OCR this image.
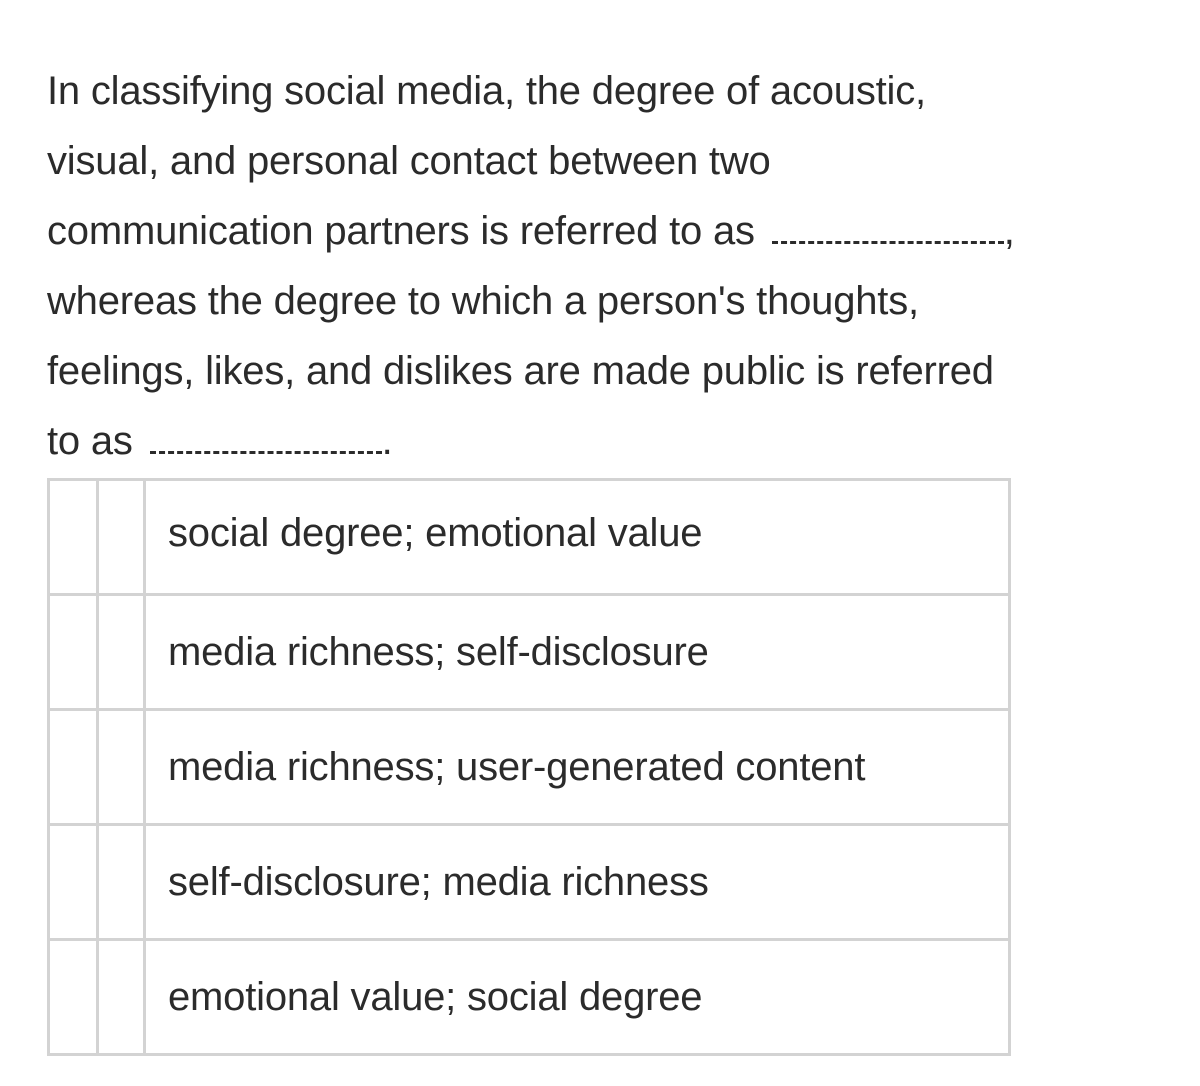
In classifying social media, the degree of acoustic,
visual, and personal contact between two
communication partners is referred to as	,
whereas the degree to which a person's thoughts,
feelings, likes, and dislikes are made public is referred
to as	.
		social degree; emotional value
		media richness; self-disclosure
		media richness; user-generated content
		self-disclosure; media richness
		emotional value; social degree
